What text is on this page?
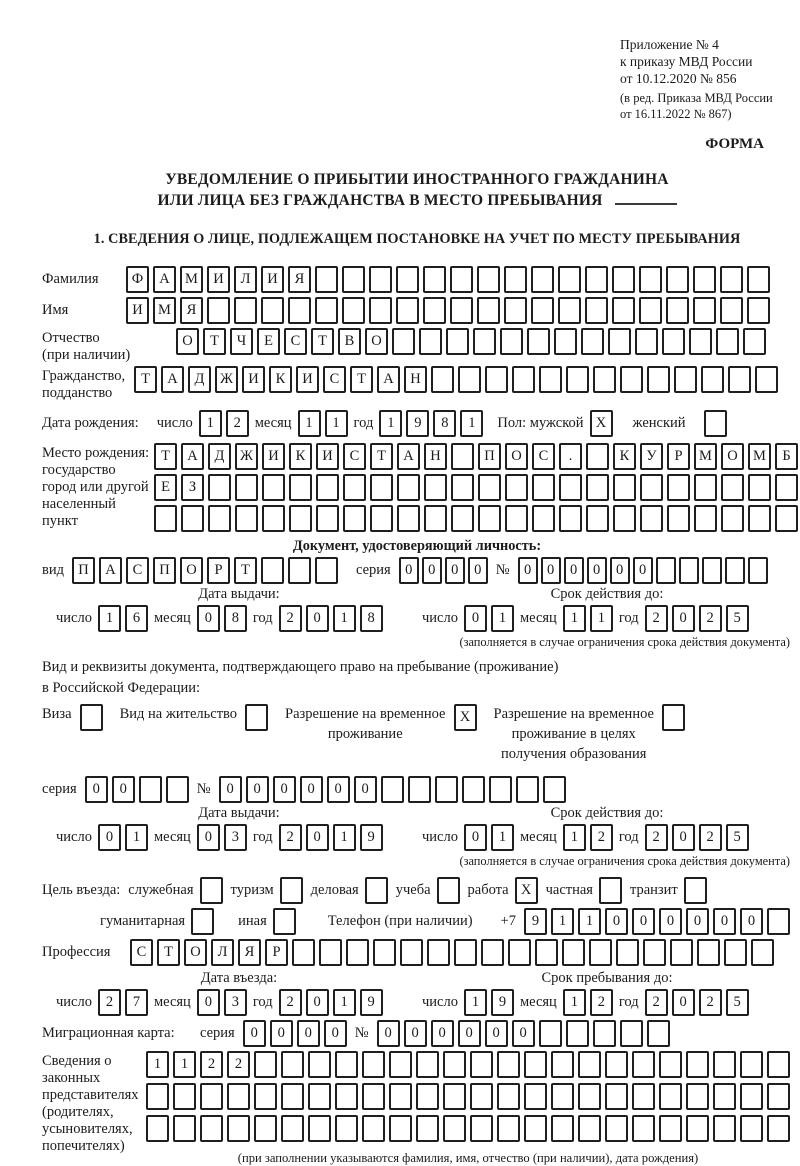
Приложение № 4
к приказу МВД России
от 10.12.2020 № 856
(в ред. Приказа МВД России
от 16.11.2022 № 867)
ФОРМА
УВЕДОМЛЕНИЕ О ПРИБЫТИИ ИНОСТРАННОГО ГРАЖДАНИНА
ИЛИ ЛИЦА БЕЗ ГРАЖДАНСТВА В МЕСТО ПРЕБЫВАНИЯ
1. СВЕДЕНИЯ О ЛИЦЕ, ПОДЛЕЖАЩЕМ ПОСТАНОВКЕ НА УЧЕТ ПО МЕСТУ ПРЕБЫВАНИЯ
Фамилия	Ф	А	М	И	Л	И	Я
Имя	И	М	Я
Отчество
(при наличии)
О	Т	Ч	Е	С	Т	В	О
Гражданство,
подданство
Т	А	Д	Ж	И	К	И	С	Т	А	Н
Дата рождения: число 1	2 месяц 1	1 год 1	9	8	1	Пол: мужской X	женский
Место рождения:
государство
город или другой
населенный пункт
Т	А	Д	Ж	И	К	И	С	Т	А	Н	П	О	С	.	К	У	Р	М	О	М	Б
Е	З
Документ, удостоверяющий личность:
вид П	А	С	П	О	Р	Т	серия 0	0	0	0 № 0	0	0	0	0	0
Дата выдачи:
число 1	6 месяц 0	8 год 2	0	1	8
Срок действия до:
число 0	1 месяц 1	1 год 2	0	2	5
(заполняется в случае ограничения срока действия документа)
Вид и реквизиты документа, подтверждающего право на пребывание (проживание)
в Российской Федерации:
Виза	Вид на жительство	Разрешение на временное
проживание
X	Разрешение на временное
проживание в целях
получения образования
серия	0	0	№	0	0	0	0	0	0
Дата выдачи:
число 0	1 месяц 0	3 год 2	0	1	9
Срок действия до:
число 0	1 месяц 1	2 год 2	0	2	5
(заполняется в случае ограничения срока действия документа)
Цель въезда: служебная	туризм	деловая	учеба	работа X частная	транзит
гуманитарная	иная	Телефон (при наличии) +7	9	1	1	0	0	0	0	0	0
Профессия	С	Т	О	Л	Я	Р
Дата въезда:
число 2	7 месяц 0	3 год 2	0	1	9
Срок пребывания до:
число 1	9 месяц 1	2 год 2	0	2	5
Миграционная карта:	серия	0	0	0	0	№	0	0	0	0	0	0
Сведения о
законных
представителях
(родителях,
усыновителях,
попечителях)
1	1	2	2
(при заполнении указываются фамилия, имя, отчество (при наличии), дата рождения)
